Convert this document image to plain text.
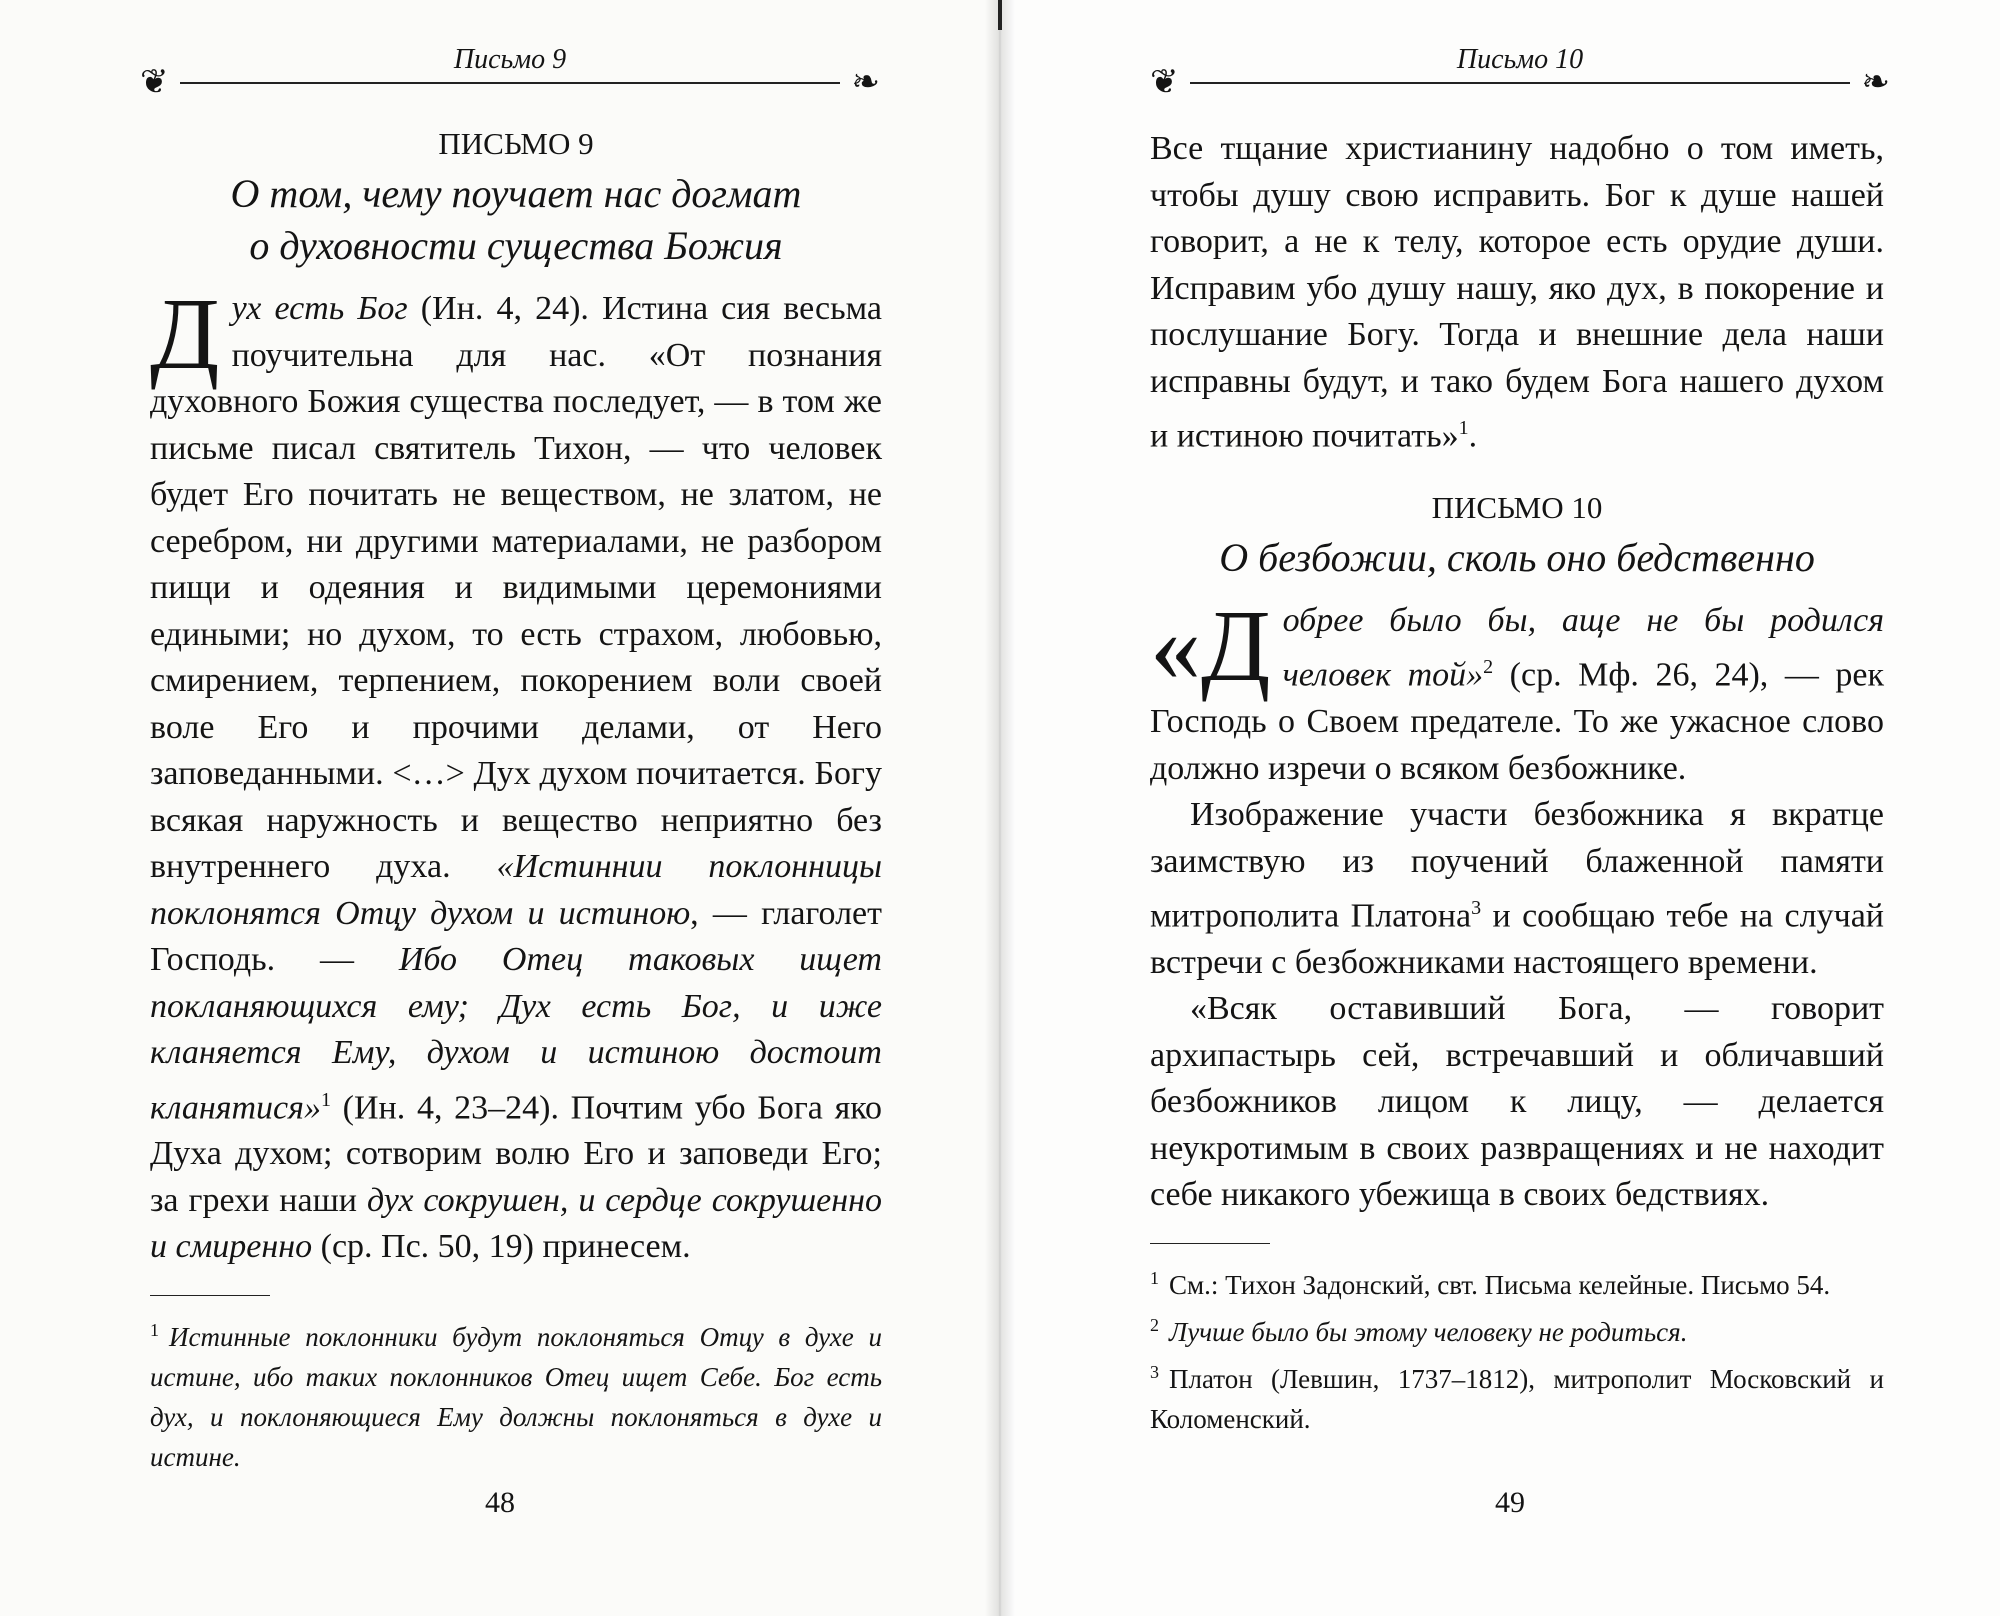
❦
Письмо 9
❧
ПИСЬМО 9
О том, чему поучает нас догмат
о духовности существа Божия

Дух есть Бог (Ин. 4, 24). Истина сия весьма поучительна для нас. «От познания духовного Божия существа последует, — в том же письме писал святитель Тихон, — что человек будет Его почитать не веществом, не златом, не серебром, ни другими материалами, не разбором пищи и одеяния и видимыми церемониями едиными; но духом, то есть страхом, любовью, смирением, терпением, покорением воли своей воле Его и прочими делами, от Него заповеданными. <…> Дух духом почитается. Богу всякая наружность и вещество неприятно без внутреннего духа. «Истиннии поклонницы поклонятся Отцу духом и истиною, — глаголет Господь. — Ибо Отец таковых ищет покланяющихся ему; Дух есть Бог, и иже кланяется Ему, духом и истиною достоит кланятися»$^1$ (Ин. 4, 23–24). Почтим убо Бога яко Духа духом; сотворим волю Его и заповеди Его; за грехи наши дух сокрушен, и сердце сокрушенно и смиренно (ср. Пс. 50, 19) принесем.

$^1$ Истинные поклонники будут поклоняться Отцу в духе и истине, ибо таких поклонников Отец ищет Себе. Бог есть дух, и поклоняющиеся Ему должны поклоняться в духе и истине.

48
❦
Письмо 10
❧

Все тщание христианину надобно о том иметь, чтобы душу свою исправить. Бог к душе нашей говорит, а не к телу, которое есть орудие души. Исправим убо душу нашу, яко дух, в покорение и послушание Богу. Тогда и внешние дела наши исправны будут, и тако будем Бога нашего духом и истиною почитать»$^1$.

ПИСЬМО 10
О безбожии, сколь оно бедственно

«Д обрее было бы, аще не бы родился человек той»$^2$ (ср. Мф. 26, 24), — рек Господь о Своем предателе. То же ужасное слово должно изречи о всяком безбожнике.

Изображение участи безбожника я вкратце заимствую из поучений блаженной памяти митрополита Платона$^3$ и сообщаю тебе на случай встречи с безбожниками настоящего времени.

«Всяк оставивший Бога, — говорит архипастырь сей, встречавший и обличавший безбожников лицом к лицу, — делается неукротимым в своих развращениях и не находит себе никакого убежища в своих бедствиях.

$^1$ См.: Тихон Задонский, свт. Письма келейные. Письмо 54.

$^2$ Лучше было бы этому человеку не родиться.

$^3$ Платон (Левшин, 1737–1812), митрополит Московский и Коломенский.

49
